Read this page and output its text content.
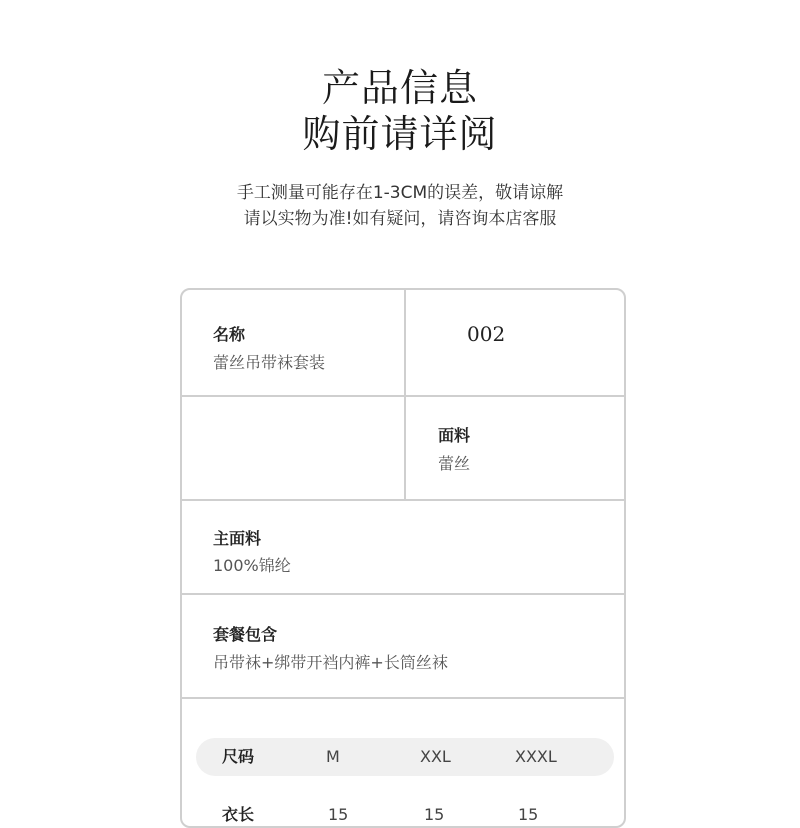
产品信息
购前请详阅
手工测量可能存在1-3CM的误差，敬请谅解
请以实物为准!如有疑问，请咨询本店客服
名称
蕾丝吊带袜套装
002
面料
蕾丝
主面料
100%锦纶
套餐包含
吊带袜+绑带开裆内裤+长筒丝袜
尺码	M	XXL	XXXL
衣长	15	15	15
